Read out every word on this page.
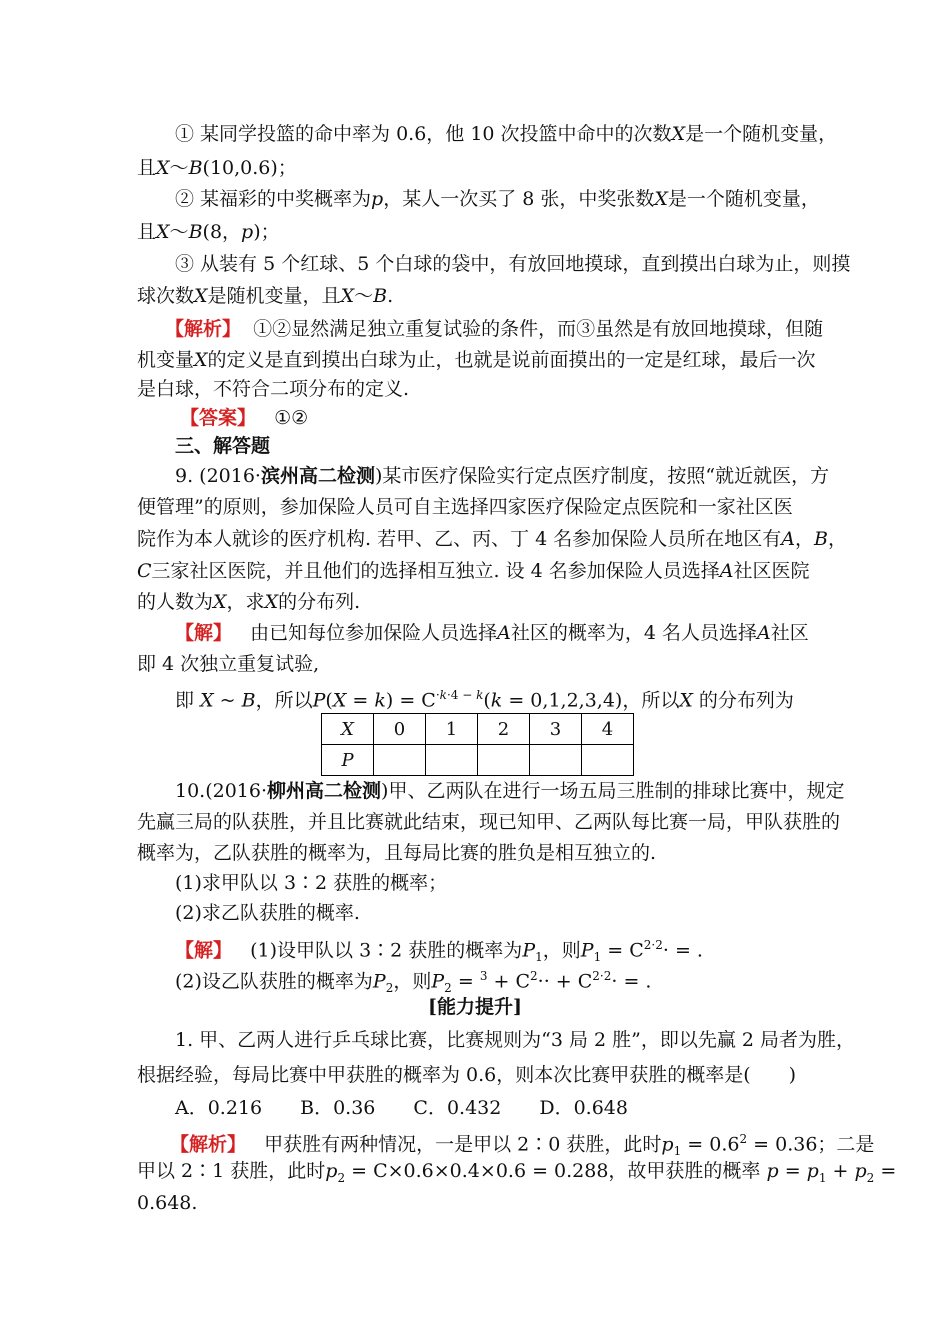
① 某同学投篮的命中率为 0.6，他 10 次投篮中命中的次数X是一个随机变量，
且X～B(10,0.6)；
② 某福彩的中奖概率为p，某人一次买了 8 张，中奖张数X是一个随机变量，
且X～B(8，p)；
③ 从装有 5 个红球、5 个白球的袋中，有放回地摸球，直到摸出白球为止，则摸
球次数X是随机变量，且X～B.
【解析】 ①②显然满足独立重复试验的条件，而③虽然是有放回地摸球，但随
机变量X的定义是直到摸出白球为止，也就是说前面摸出的一定是红球，最后一次
是白球，不符合二项分布的定义.
【答案】 ①②
三、解答题
9. (2016·滨州高二检测)某市医疗保险实行定点医疗制度，按照“就近就医，方
便管理”的原则，参加保险人员可自主选择四家医疗保险定点医院和一家社区医
院作为本人就诊的医疗机构. 若甲、乙、丙、丁 4 名参加保险人员所在地区有A，B，
C三家社区医院，并且他们的选择相互独立. 设 4 名参加保险人员选择A社区医院
的人数为X，求X的分布列.
【解】 由已知每位参加保险人员选择A社区的概率为，4 名人员选择A社区
即 4 次独立重复试验,
即 X ~ B，所以$P(X = k) = C^{\cdot k\cdot 4 - k}(k = 0,1,2,3,4)$，所以X 的分布列为
X	0	1	2	3	4
P					
10.(2016·柳州高二检测)甲、乙两队在进行一场五局三胜制的排球比赛中，规定
先赢三局的队获胜，并且比赛就此结束，现已知甲、乙两队每比赛一局，甲队获胜的
概率为，乙队获胜的概率为，且每局比赛的胜负是相互独立的.
(1)求甲队以 3∶2 获胜的概率；
(2)求乙队获胜的概率.
【解】 (1)设甲队以 3∶2 获胜的概率为$P_1$，则$P_1 = C^{2\cdot 2}\cdot$ = .
(2)设乙队获胜的概率为$P_2$，则$P_2 = ^3 + C^2\cdot\cdot + C^{2\cdot 2}\cdot$ = .
[能力提升]
1. 甲、乙两人进行乒乓球比赛，比赛规则为“3 局 2 胜”，即以先赢 2 局者为胜，
根据经验，每局比赛中甲获胜的概率为 0.6，则本次比赛甲获胜的概率是(　　)
A．0.216 B．0.36 C．0.432 D．0.648
【解析】 甲获胜有两种情况，一是甲以 2∶0 获胜，此时$p_1 = 0.6^2 = 0.36$；二是
甲以 2∶1 获胜，此时$p_2 = C\times 0.6\times 0.4\times 0.6 = 0.288$，故甲获胜的概率 $p = p_1 + p_2$ =
0.648.
